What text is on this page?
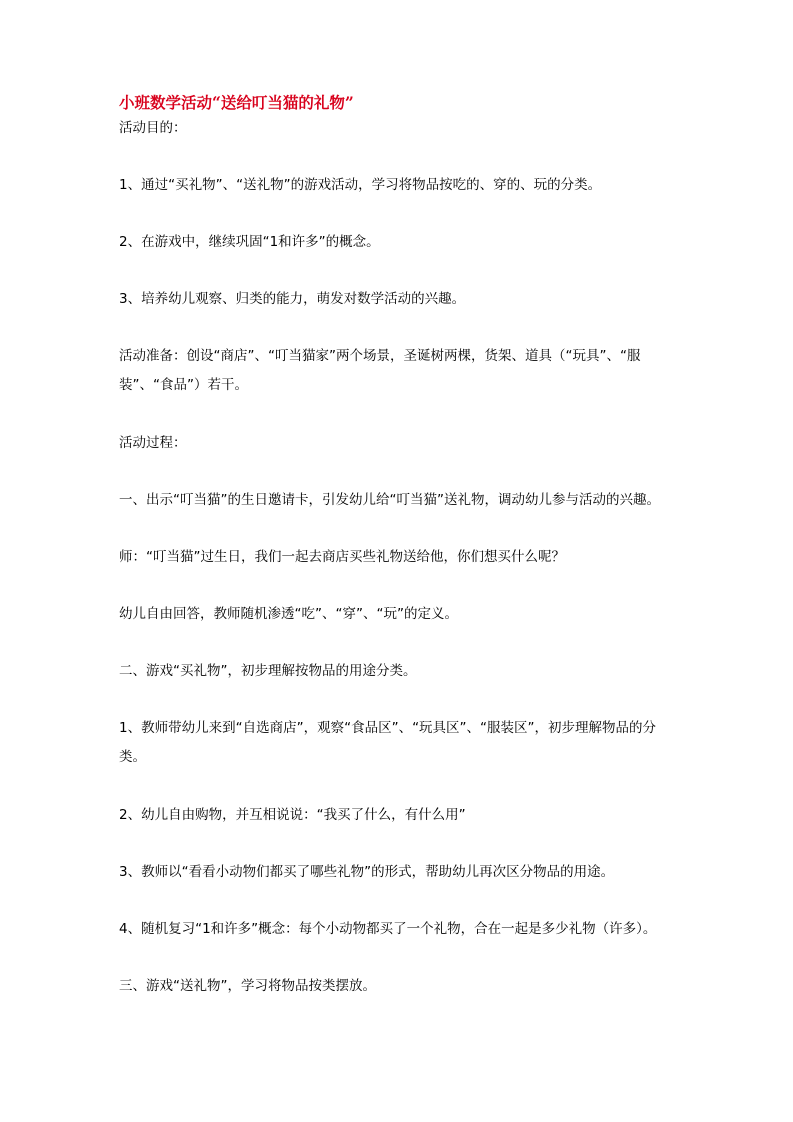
小班数学活动“送给叮当猫的礼物”

活动目的：

1、通过“买礼物”、“送礼物”的游戏活动，学习将物品按吃的、穿的、玩的分类。

2、在游戏中，继续巩固“1和许多”的概念。

3、培养幼儿观察、归类的能力，萌发对数学活动的兴趣。

活动准备：创设“商店”、“叮当猫家”两个场景，圣诞树两棵，货架、道具（“玩具”、“服装”、“食品”）若干。

活动过程：

一、出示“叮当猫”的生日邀请卡，引发幼儿给“叮当猫”送礼物，调动幼儿参与活动的兴趣。

师：“叮当猫”过生日，我们一起去商店买些礼物送给他，你们想买什么呢？

幼儿自由回答，教师随机渗透“吃”、“穿”、“玩”的定义。

二、游戏“买礼物”，初步理解按物品的用途分类。

1、教师带幼儿来到“自选商店”，观察“食品区”、“玩具区”、“服装区”，初步理解物品的分类。

2、幼儿自由购物，并互相说说：“我买了什么，有什么用”

3、教师以“看看小动物们都买了哪些礼物”的形式，帮助幼儿再次区分物品的用途。

4、随机复习“1和许多”概念：每个小动物都买了一个礼物，合在一起是多少礼物（许多）。

三、游戏“送礼物”，学习将物品按类摆放。
